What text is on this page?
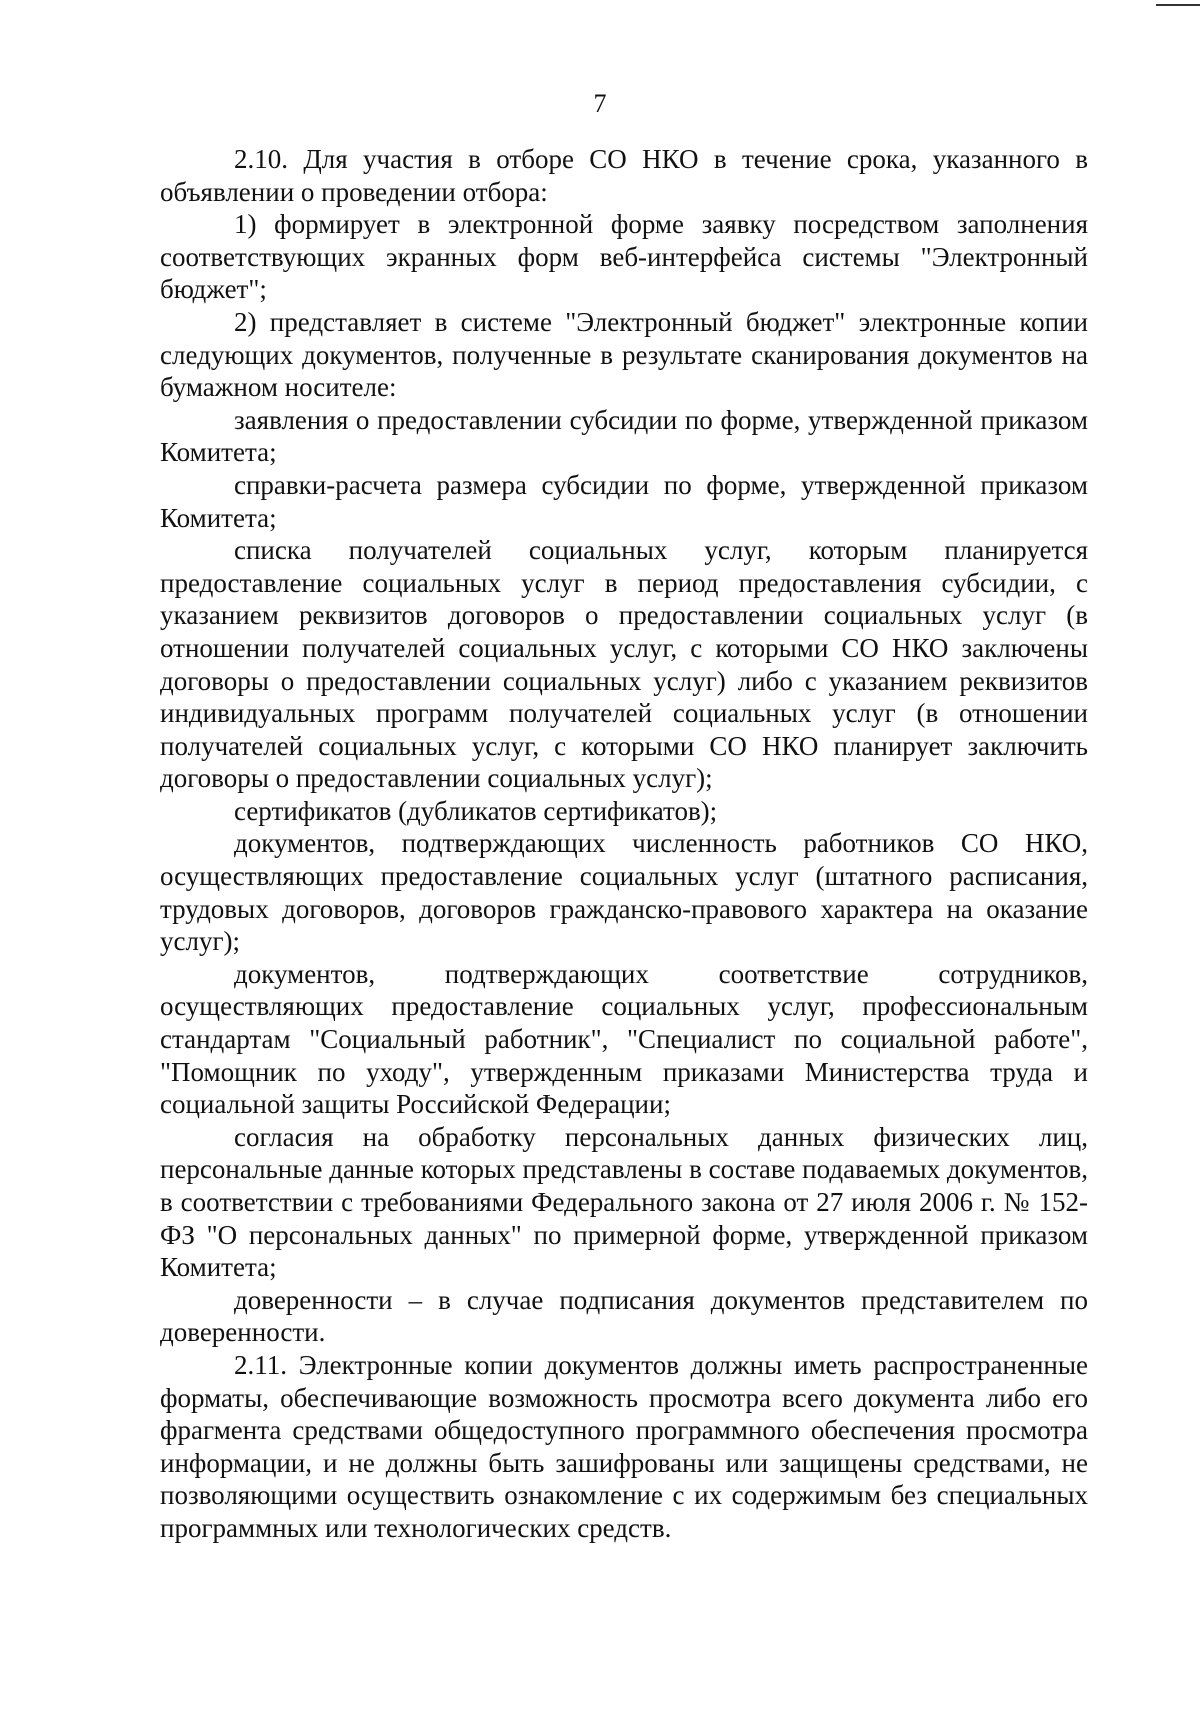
7

2.10. Для участия в отборе СО НКО в течение срока, указанного в объявлении о проведении отбора:

1) формирует в электронной форме заявку посредством заполнения соответствующих экранных форм веб-интерфейса системы "Электронный бюджет";

2) представляет в системе "Электронный бюджет" электронные копии следующих документов, полученные в результате сканирования документов на бумажном носителе:

заявления о предоставлении субсидии по форме, утвержденной приказом Комитета;

справки-расчета размера субсидии по форме, утвержденной приказом Комитета;

списка получателей социальных услуг, которым планируется предоставление социальных услуг в период предоставления субсидии, с указанием реквизитов договоров о предоставлении социальных услуг (в отношении получателей социальных услуг, с которыми СО НКО заключены договоры о предоставлении социальных услуг) либо с указанием реквизитов индивидуальных программ получателей социальных услуг (в отношении получателей социальных услуг, с которыми СО НКО планирует заключить договоры о предоставлении социальных услуг);

сертификатов (дубликатов сертификатов);

документов, подтверждающих численность работников СО НКО, осуществляющих предоставление социальных услуг (штатного расписания, трудовых договоров, договоров гражданско-правового характера на оказание услуг);

документов, подтверждающих соответствие сотрудников, осуществляющих предоставление социальных услуг, профессиональным стандартам "Социальный работник", "Специалист по социальной работе", "Помощник по уходу", утвержденным приказами Министерства труда и социальной защиты Российской Федерации;

согласия на обработку персональных данных физических лиц, персональные данные которых представлены в составе подаваемых документов, в соответствии с требованиями Федерального закона от 27 июля 2006 г. № 152-ФЗ "О персональных данных" по примерной форме, утвержденной приказом Комитета;

доверенности – в случае подписания документов представителем по доверенности.

2.11. Электронные копии документов должны иметь распространенные форматы, обеспечивающие возможность просмотра всего документа либо его фрагмента средствами общедоступного программного обеспечения просмотра информации, и не должны быть зашифрованы или защищены средствами, не позволяющими осуществить ознакомление с их содержимым без специальных программных или технологических средств.
